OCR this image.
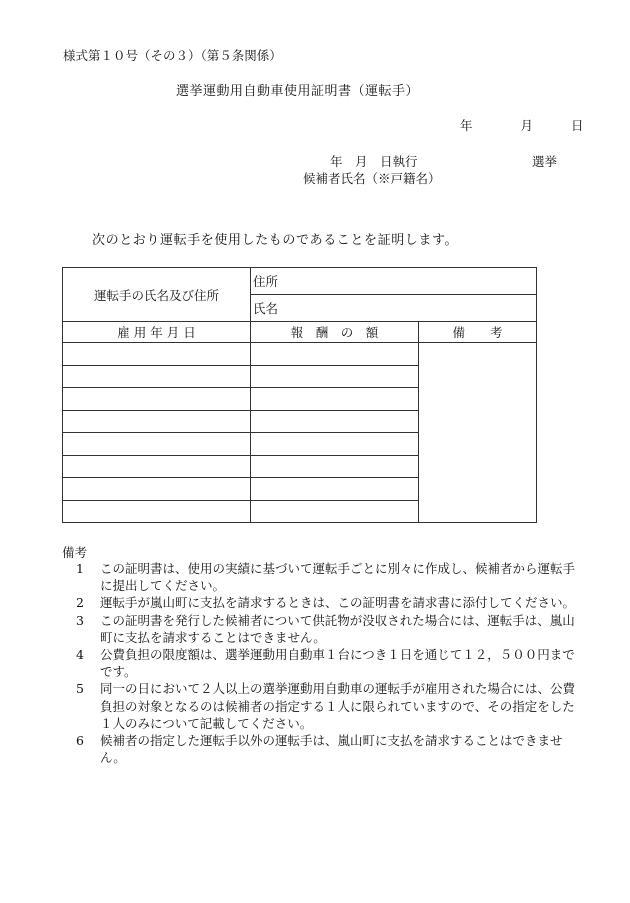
様式第１０号（その３）（第５条関係）
選挙運動用自動車使用証明書（運転手）
年	月	日
年　月　日執行	選挙
候補者氏名（※戸籍名）
次のとおり運転手を使用したものであることを証明します。
運転手の氏名及び住所	住所	
	氏名	
雇 用 年 月 日	報　酬　の　額	備　　考

備考
1	この証明書は、使用の実績に基づいて運転手ごとに別々に作成し、候補者から運転手に提出してください。
2	運転手が嵐山町に支払を請求するときは、この証明書を請求書に添付してください。
3	この証明書を発行した候補者について供託物が没収された場合には、運転手は、嵐山町に支払を請求することはできません。
4	公費負担の限度額は、選挙運動用自動車１台につき１日を通じて１２，５００円までです。
5	同一の日において２人以上の選挙運動用自動車の運転手が雇用された場合には、公費負担の対象となるのは候補者の指定する１人に限られていますので、その指定をした１人のみについて記載してください。
6	候補者の指定した運転手以外の運転手は、嵐山町に支払を請求することはできません。
